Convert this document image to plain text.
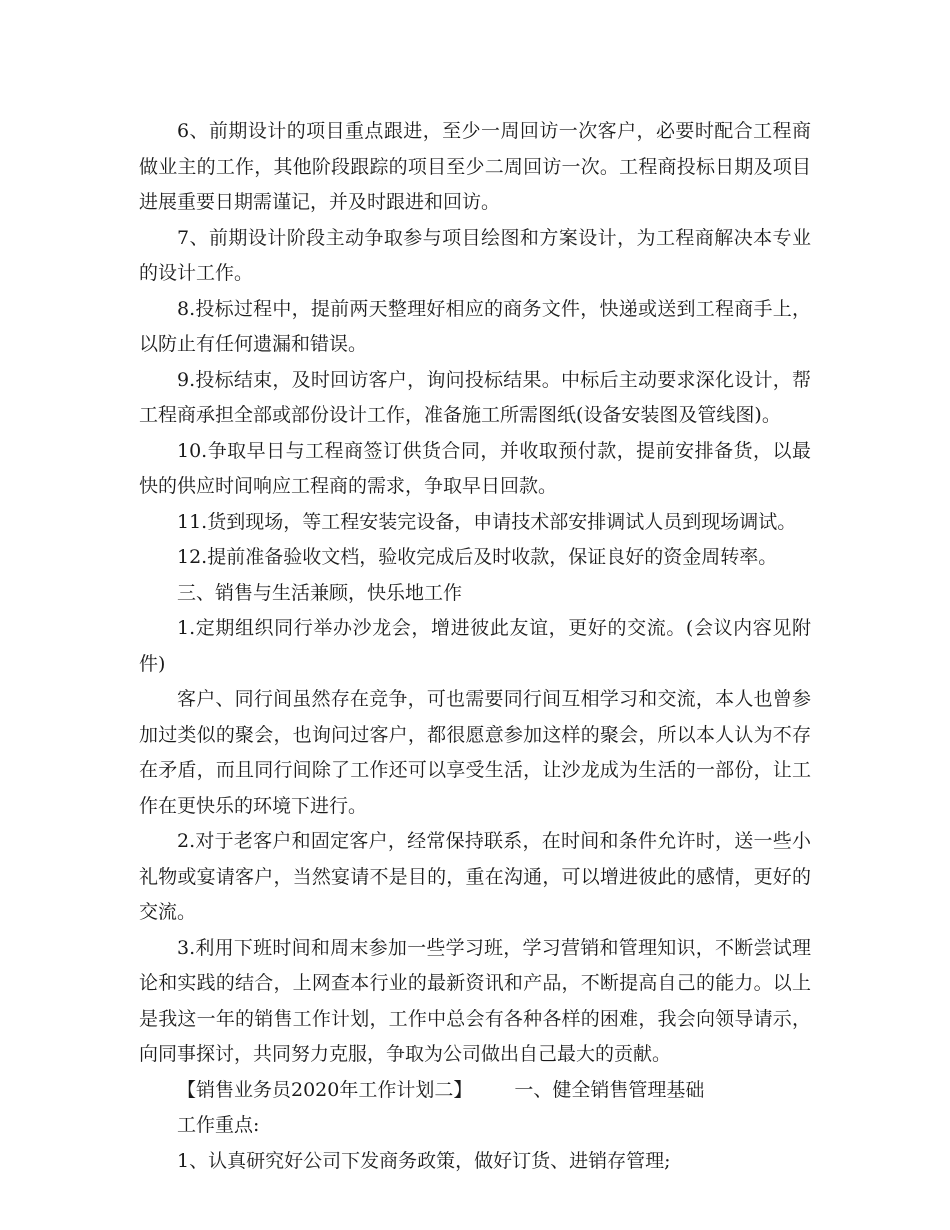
6、前期设计的项目重点跟进，至少一周回访一次客户，必要时配合工程商做业主的工作，其他阶段跟踪的项目至少二周回访一次。工程商投标日期及项目进展重要日期需谨记，并及时跟进和回访。

7、前期设计阶段主动争取参与项目绘图和方案设计，为工程商解决本专业的设计工作。

8.投标过程中，提前两天整理好相应的商务文件，快递或送到工程商手上，以防止有任何遗漏和错误。

9.投标结束，及时回访客户，询问投标结果。中标后主动要求深化设计，帮工程商承担全部或部份设计工作，准备施工所需图纸(设备安装图及管线图)。

10.争取早日与工程商签订供货合同，并收取预付款，提前安排备货，以最快的供应时间响应工程商的需求，争取早日回款。

11.货到现场，等工程安装完设备，申请技术部安排调试人员到现场调试。

12.提前准备验收文档，验收完成后及时收款，保证良好的资金周转率。

三、销售与生活兼顾，快乐地工作

1.定期组织同行举办沙龙会，增进彼此友谊，更好的交流。(会议内容见附件)

客户、同行间虽然存在竞争，可也需要同行间互相学习和交流，本人也曾参加过类似的聚会，也询问过客户，都很愿意参加这样的聚会，所以本人认为不存在矛盾，而且同行间除了工作还可以享受生活，让沙龙成为生活的一部份，让工作在更快乐的环境下进行。

2.对于老客户和固定客户，经常保持联系，在时间和条件允许时，送一些小礼物或宴请客户，当然宴请不是目的，重在沟通，可以增进彼此的感情，更好的交流。

3.利用下班时间和周末参加一些学习班，学习营销和管理知识，不断尝试理论和实践的结合，上网查本行业的最新资讯和产品，不断提高自己的能力。以上是我这一年的销售工作计划，工作中总会有各种各样的困难，我会向领导请示，向同事探讨，共同努力克服，争取为公司做出自己最大的贡献。

【销售业务员2020年工作计划二】 一、健全销售管理基础

工作重点:

1、认真研究好公司下发商务政策，做好订货、进销存管理;
